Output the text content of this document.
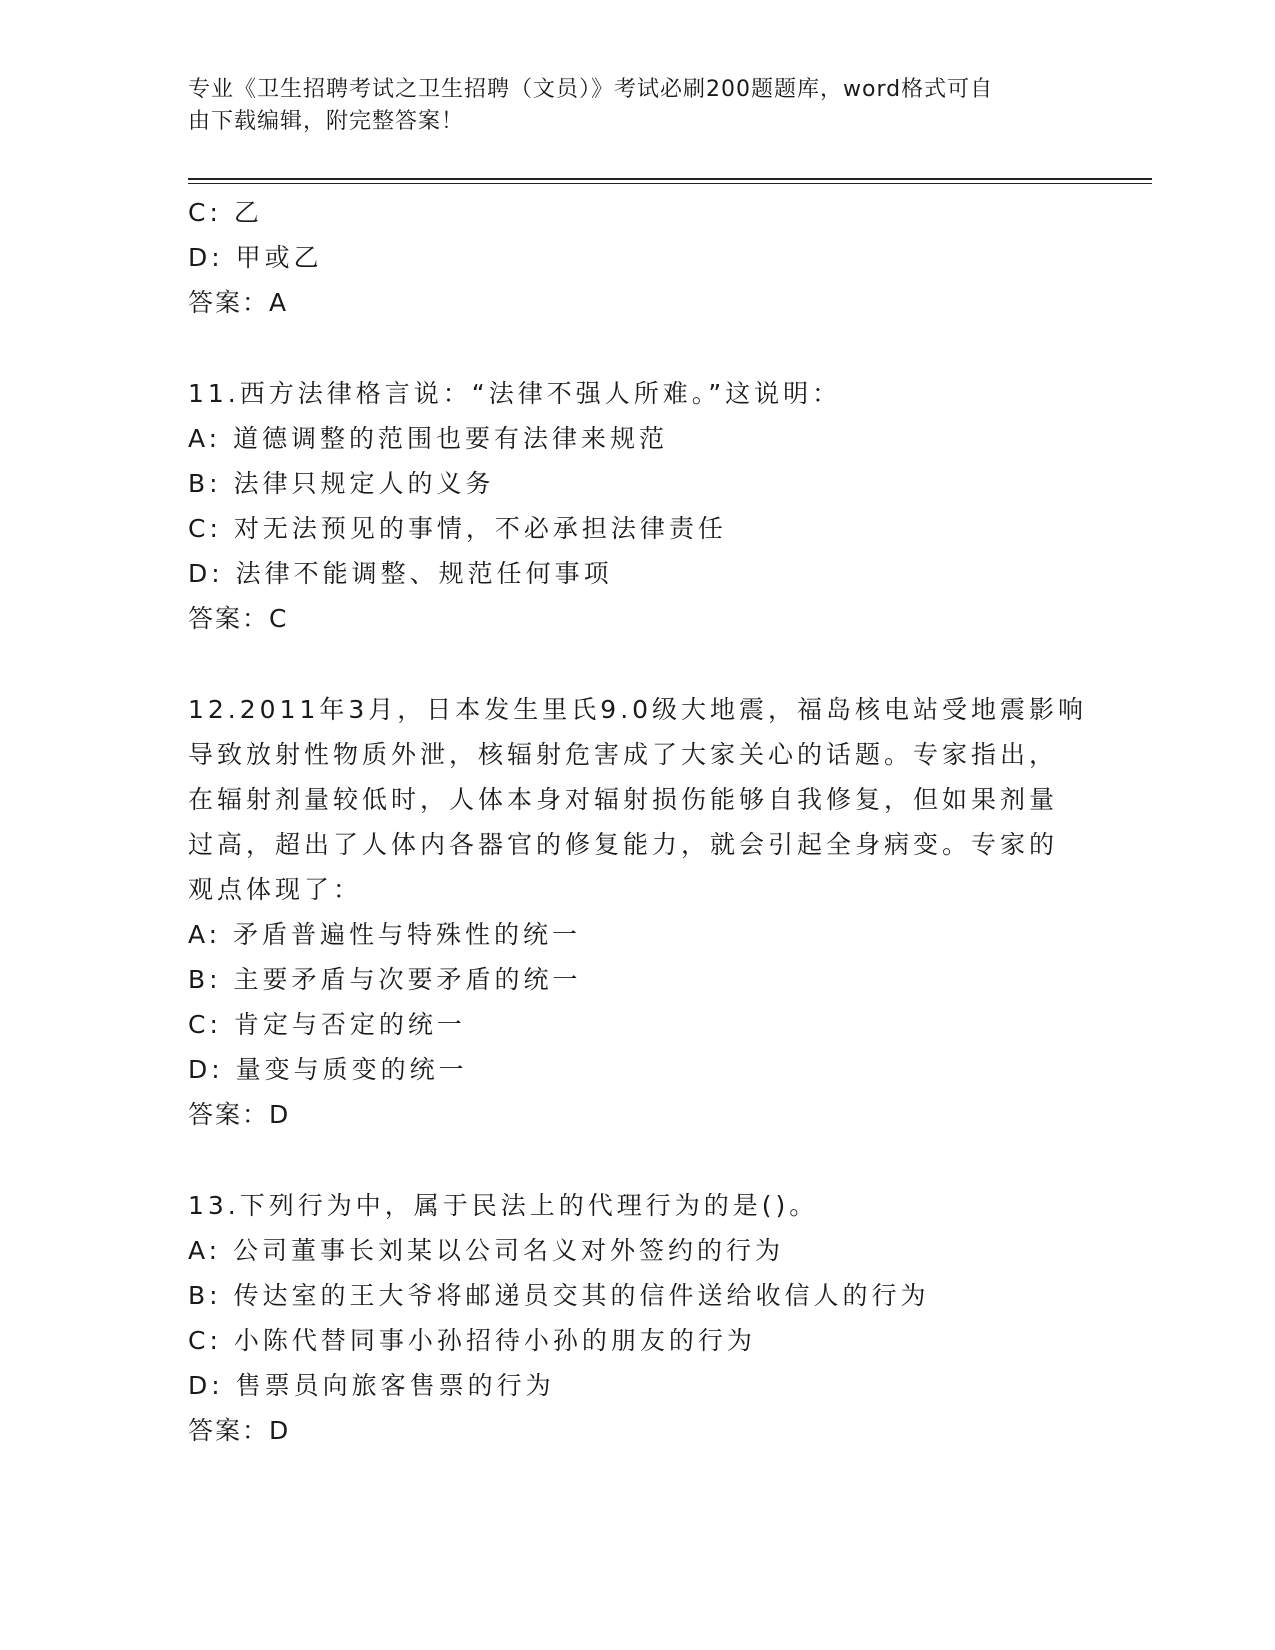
专业《卫生招聘考试之卫生招聘（文员）》考试必刷200题题库，word格式可自
由下载编辑，附完整答案！

C: 乙

D: 甲或乙

答案：A

11.西方法律格言说：“法律不强人所难。”这说明：

A: 道德调整的范围也要有法律来规范

B: 法律只规定人的义务

C: 对无法预见的事情，不必承担法律责任

D: 法律不能调整、规范任何事项

答案：C

12.2011年3月，日本发生里氏9.0级大地震，福岛核电站受地震影响

导致放射性物质外泄，核辐射危害成了大家关心的话题。专家指出，

在辐射剂量较低时，人体本身对辐射损伤能够自我修复，但如果剂量

过高，超出了人体内各器官的修复能力，就会引起全身病变。专家的

观点体现了：

A: 矛盾普遍性与特殊性的统一

B: 主要矛盾与次要矛盾的统一

C: 肯定与否定的统一

D: 量变与质变的统一

答案：D

13.下列行为中，属于民法上的代理行为的是()。

A: 公司董事长刘某以公司名义对外签约的行为

B: 传达室的王大爷将邮递员交其的信件送给收信人的行为

C: 小陈代替同事小孙招待小孙的朋友的行为

D: 售票员向旅客售票的行为

答案：D
